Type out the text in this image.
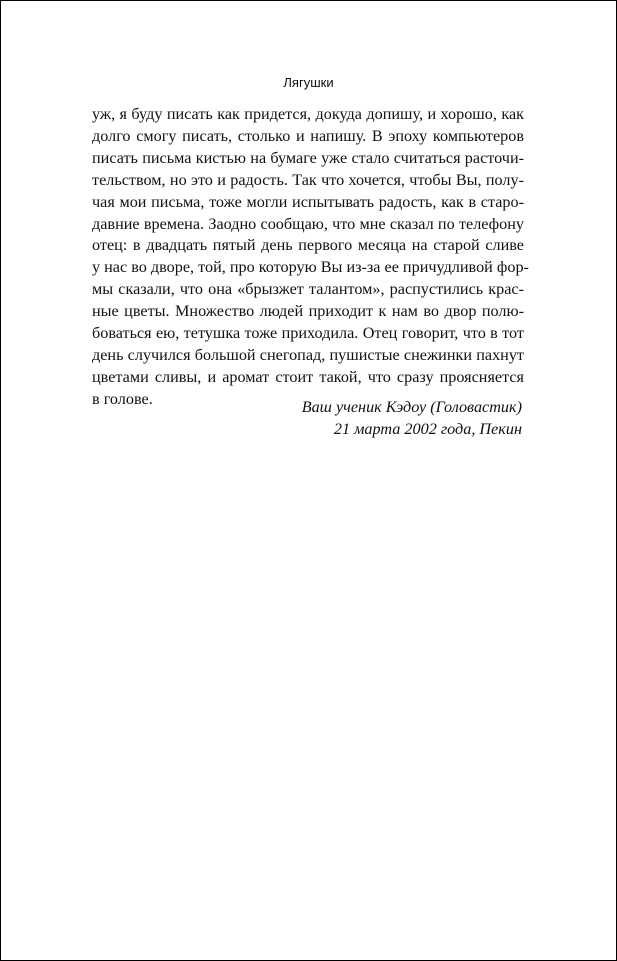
Лягушки
уж, я буду писать как придется, докуда допишу, и хорошо, как
долго смогу писать, столько и напишу. В эпоху компьютеров
писать письма кистью на бумаге уже стало считаться расточи-
тельством, но это и радость. Так что хочется, чтобы Вы, полу-
чая мои письма, тоже могли испытывать радость, как в старо-
давние времена. Заодно сообщаю, что мне сказал по телефону
отец: в двадцать пятый день первого месяца на старой сливе
у нас во дворе, той, про которую Вы из-за ее причудливой фор-
мы сказали, что она «брызжет талантом», распустились крас-
ные цветы. Множество людей приходит к нам во двор полю-
боваться ею, тетушка тоже приходила. Отец говорит, что в тот
день случился большой снегопад, пушистые снежинки пахнут
цветами сливы, и аромат стоит такой, что сразу проясняется
в голове.	Ваш ученик Кэдоу (Головастик)
21 марта 2002 года, Пекин
